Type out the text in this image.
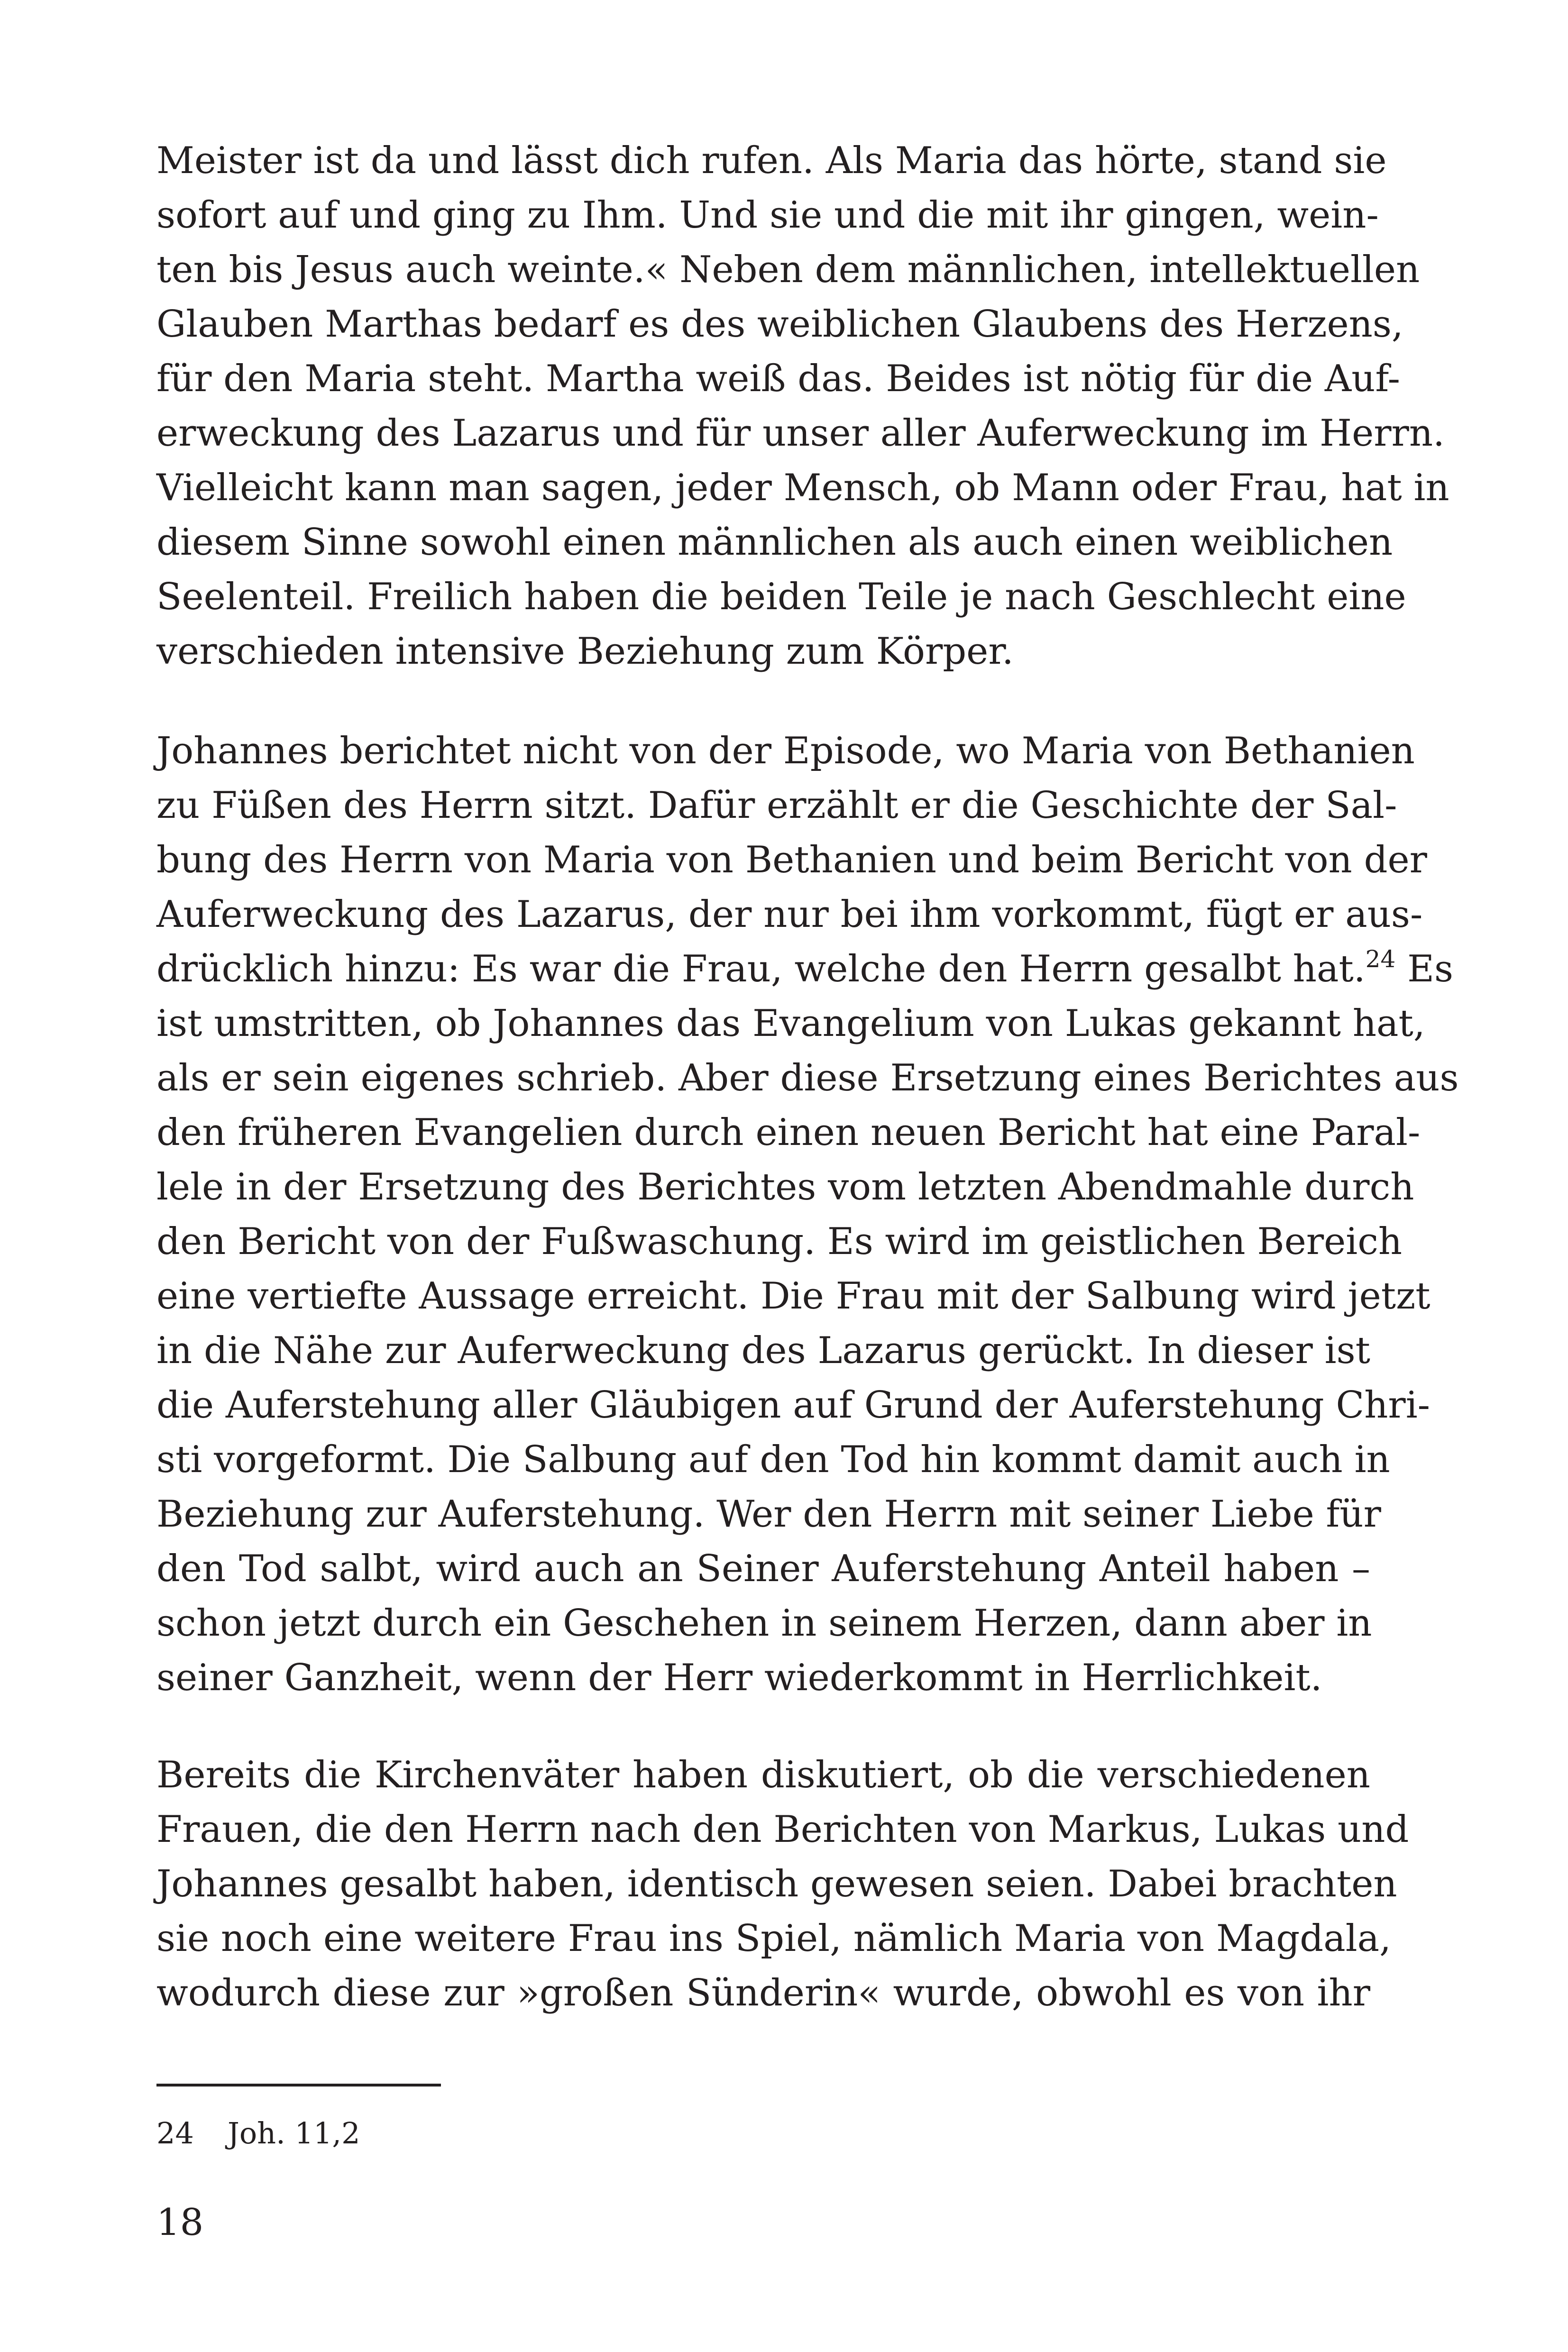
Meister ist da und lässt dich rufen. Als Maria das hörte, stand sie
sofort auf und ging zu Ihm. Und sie und die mit ihr gingen, wein-
ten bis Jesus auch weinte.« Neben dem männlichen, intellektuellen
Glauben Marthas bedarf es des weiblichen Glaubens des Herzens,
für den Maria steht. Martha weiß das. Beides ist nötig für die Auf-
erweckung des Lazarus und für unser aller Auferweckung im Herrn.
Vielleicht kann man sagen, jeder Mensch, ob Mann oder Frau, hat in
diesem Sinne sowohl einen männlichen als auch einen weiblichen
Seelenteil. Freilich haben die beiden Teile je nach Geschlecht eine
verschieden intensive Beziehung zum Körper.
Johannes berichtet nicht von der Episode, wo Maria von Bethanien
zu Füßen des Herrn sitzt. Dafür erzählt er die Geschichte der Sal-
bung des Herrn von Maria von Bethanien und beim Bericht von der
Auferweckung des Lazarus, der nur bei ihm vorkommt, fügt er aus-
drücklich hinzu: Es war die Frau, welche den Herrn gesalbt hat.$^{24}$ Es
ist umstritten, ob Johannes das Evangelium von Lukas gekannt hat,
als er sein eigenes schrieb. Aber diese Ersetzung eines Berichtes aus
den früheren Evangelien durch einen neuen Bericht hat eine Paral-
lele in der Ersetzung des Berichtes vom letzten Abendmahle durch
den Bericht von der Fußwaschung. Es wird im geistlichen Bereich
eine vertiefte Aussage erreicht. Die Frau mit der Salbung wird jetzt
in die Nähe zur Auferweckung des Lazarus gerückt. In dieser ist
die Auferstehung aller Gläubigen auf Grund der Auferstehung Chri-
sti vorgeformt. Die Salbung auf den Tod hin kommt damit auch in
Beziehung zur Auferstehung. Wer den Herrn mit seiner Liebe für
den Tod salbt, wird auch an Seiner Auferstehung Anteil haben –
schon jetzt durch ein Geschehen in seinem Herzen, dann aber in
seiner Ganzheit, wenn der Herr wiederkommt in Herrlichkeit.
Bereits die Kirchenväter haben diskutiert, ob die verschiedenen
Frauen, die den Herrn nach den Berichten von Markus, Lukas und
Johannes gesalbt haben, identisch gewesen seien. Dabei brachten
sie noch eine weitere Frau ins Spiel, nämlich Maria von Magdala,
wodurch diese zur »großen Sünderin« wurde, obwohl es von ihr
24 Joh. 11,2
18
